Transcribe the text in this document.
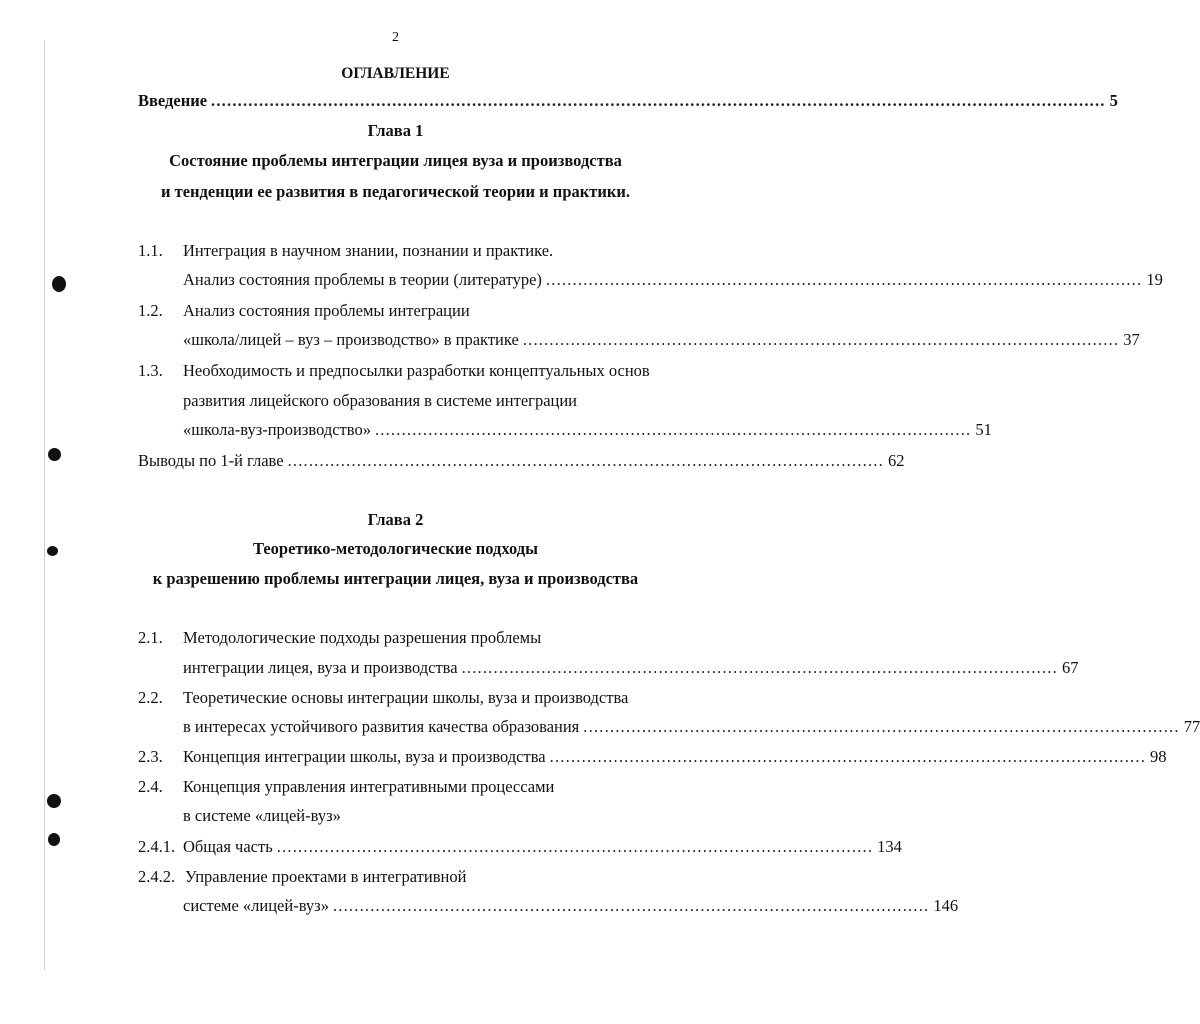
2
ОГЛАВЛЕНИЕ
Введение ........................................................................................................................................................................ 5
Глава 1
Состояние проблемы интеграции лицея вуза и производства
и тенденции ее развития в педагогической теории и практики.
1.1. Интеграция в научном знании, познании и практике.
Анализ состояния проблемы в теории (литературе) ................................................................................................................ 19
1.2. Анализ состояния проблемы интеграции
«школа/лицей – вуз – производство» в практике ................................................................................................................ 37
1.3. Необходимость и предпосылки разработки концептуальных основ
развития лицейского образования в системе интеграции
«школа-вуз-производство» ................................................................................................................ 51
Выводы по 1-й главе ................................................................................................................ 62
Глава 2
Теоретико-методологические подходы
к разрешению проблемы интеграции лицея, вуза и производства
2.1. Методологические подходы разрешения проблемы
интеграции лицея, вуза и производства ................................................................................................................ 67
2.2. Теоретические основы интеграции школы, вуза и производства
в интересах устойчивого развития качества образования ................................................................................................................ 77
2.3. Концепция интеграции школы, вуза и производства ................................................................................................................ 98
2.4. Концепция управления интегративными процессами
в системе «лицей-вуз»
2.4.1. Общая часть ................................................................................................................ 134
2.4.2. Управление проектами в интегративной
системе «лицей-вуз» ................................................................................................................ 146
